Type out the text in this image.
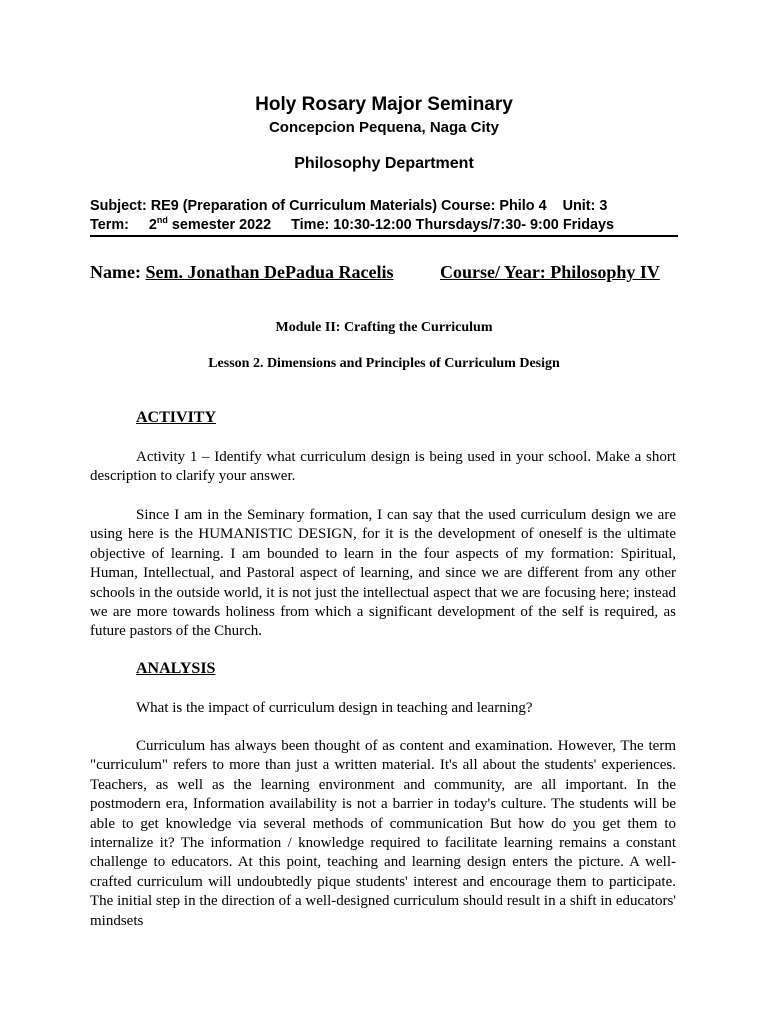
Holy Rosary Major Seminary
Concepcion Pequena, Naga City
Philosophy Department
Subject: RE9 (Preparation of Curriculum Materials) Course: Philo 4    Unit: 3
Term:     2nd semester 2022     Time: 10:30-12:00 Thursdays/7:30- 9:00 Fridays
Name: Sem. Jonathan DePadua Racelis	Course/ Year: Philosophy IV
Module II: Crafting the Curriculum
Lesson 2. Dimensions and Principles of Curriculum Design
ACTIVITY

Activity 1 – Identify what curriculum design is being used in your school. Make a short description to clarify your answer.

Since I am in the Seminary formation, I can say that the used curriculum design we are using here is the HUMANISTIC DESIGN, for it is the development of oneself is the ultimate objective of learning. I am bounded to learn in the four aspects of my formation: Spiritual, Human, Intellectual, and Pastoral aspect of learning, and since we are different from any other schools in the outside world, it is not just the intellectual aspect that we are focusing here; instead we are more towards holiness from which a significant development of the self is required, as future pastors of the Church.

ANALYSIS

What is the impact of curriculum design in teaching and learning?

Curriculum has always been thought of as content and examination. However, The term "curriculum" refers to more than just a written material. It's all about the students' experiences. Teachers, as well as the learning environment and community, are all important. In the postmodern era, Information availability is not a barrier in today's culture. The students will be able to get knowledge via several methods of communication But how do you get them to internalize it? The information / knowledge required to facilitate learning remains a constant challenge to educators. At this point, teaching and learning design enters the picture. A well-crafted curriculum will undoubtedly pique students' interest and encourage them to participate. The initial step in the direction of a well-designed curriculum should result in a shift in educators' mindsets
